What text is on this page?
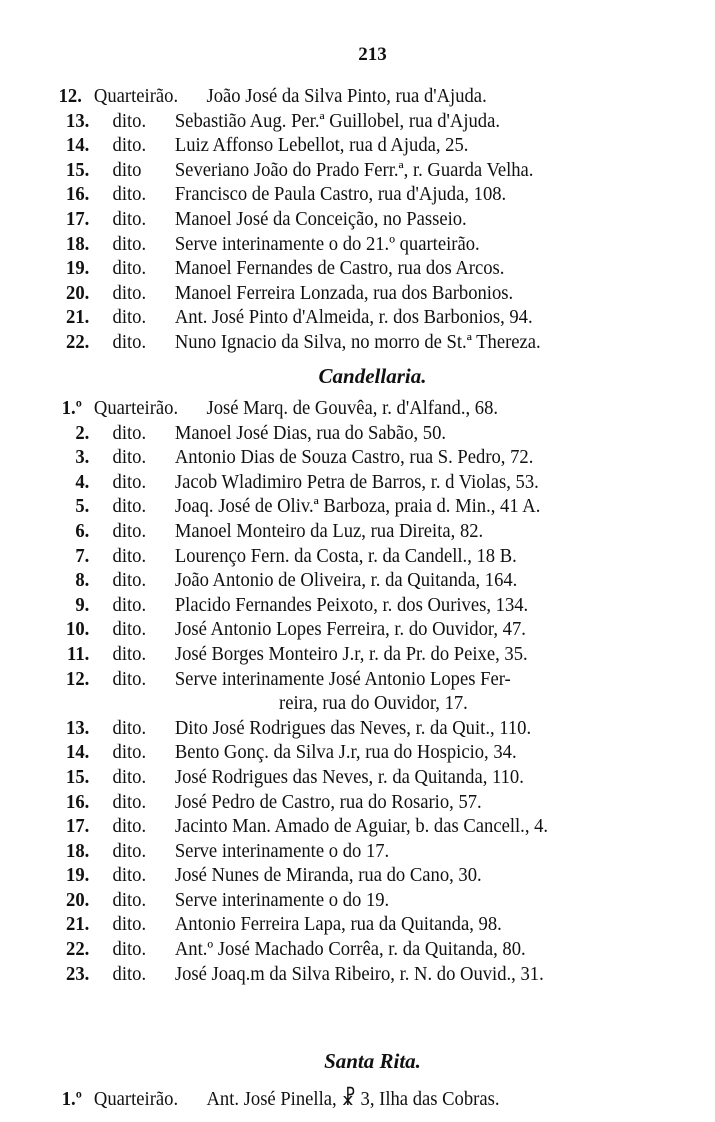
213
12. Quarteirão. João José da Silva Pinto, rua d'Ajuda.
13. dito. Sebastião Aug. Per.ª Guillobel, rua d'Ajuda.
14. dito. Luiz Affonso Lebellot, rua d Ajuda, 25.
15. dito Severiano João do Prado Ferr.ª, r. Guarda Velha.
16. dito. Francisco de Paula Castro, rua d'Ajuda, 108.
17. dito. Manoel José da Conceição, no Passeio.
18. dito. Serve interinamente o do 21.º quarteirão.
19. dito. Manoel Fernandes de Castro, rua dos Arcos.
20. dito. Manoel Ferreira Lonzada, rua dos Barbonios.
21. dito. Ant. José Pinto d'Almeida, r. dos Barbonios, 94.
22. dito. Nuno Ignacio da Silva, no morro de St.ª Thereza.
Candellaria.
1.º Quarteirão. José Marq. de Gouvêa, r. d'Alfand., 68.
2. dito. Manoel José Dias, rua do Sabão, 50.
3. dito. Antonio Dias de Souza Castro, rua S. Pedro, 72.
4. dito. Jacob Wladimiro Petra de Barros, r. d Violas, 53.
5. dito. Joaq. José de Oliv.ª Barboza, praia d. Min., 41 A.
6. dito. Manoel Monteiro da Luz, rua Direita, 82.
7. dito. Lourenço Fern. da Costa, r. da Candell., 18 B.
8. dito. João Antonio de Oliveira, r. da Quitanda, 164.
9. dito. Placido Fernandes Peixoto, r. dos Ourives, 134.
10. dito. José Antonio Lopes Ferreira, r. do Ouvidor, 47.
11. dito. José Borges Monteiro J.r, r. da Pr. do Peixe, 35.
12. dito. Serve interinamente José Antonio Lopes Fer-
reira, rua do Ouvidor, 17.
13. dito. Dito José Rodrigues das Neves, r. da Quit., 110.
14. dito. Bento Gonç. da Silva J.r, rua do Hospicio, 34.
15. dito. José Rodrigues das Neves, r. da Quitanda, 110.
16. dito. José Pedro de Castro, rua do Rosario, 57.
17. dito. Jacinto Man. Amado de Aguiar, b. das Cancell., 4.
18. dito. Serve interinamente o do 17.
19. dito. José Nunes de Miranda, rua do Cano, 30.
20. dito. Serve interinamente o do 19.
21. dito. Antonio Ferreira Lapa, rua da Quitanda, 98.
22. dito. Ant.º José Machado Corrêa, r. da Quitanda, 80.
23. dito. José Joaq.m da Silva Ribeiro, r. N. do Ouvid., 31.
Santa Rita.
1.º Quarteirão. Ant. José Pinella, ☧ 3, Ilha das Cobras.
